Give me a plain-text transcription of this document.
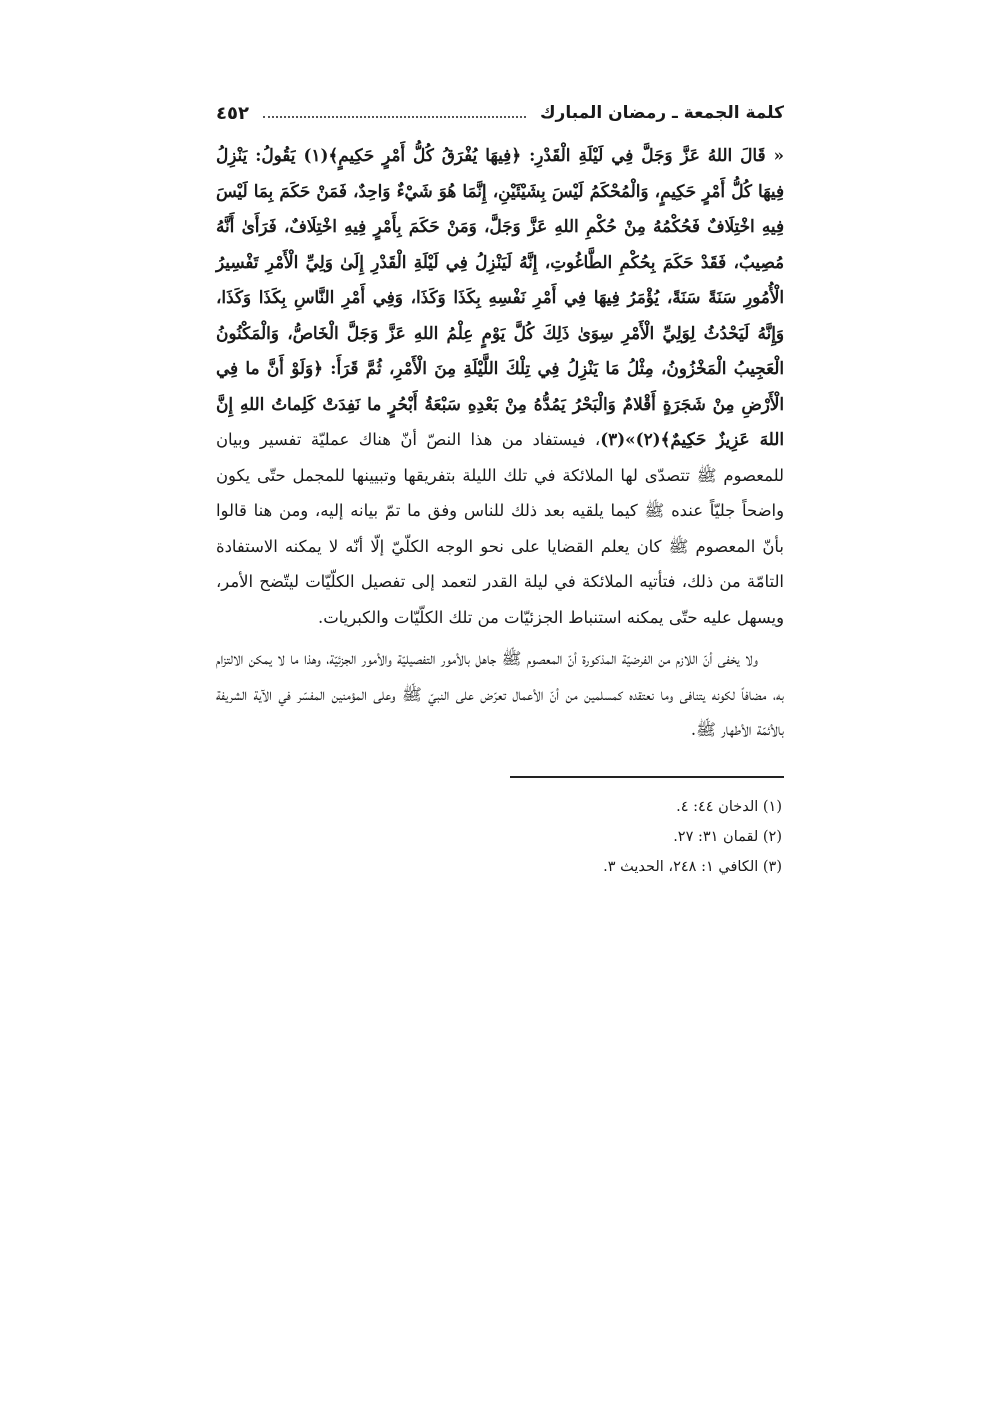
كلمة الجمعة ـ رمضان المبارك
٤٥٢

« قَالَ اللهُ عَزَّ وَجَلَّ فِي لَيْلَةِ الْقَدْرِ: ﴿فِيهَا يُفْرَقُ كُلُّ أَمْرٍ حَكِيمٍ﴾(١) يَقُولُ: يَنْزِلُ فِيهَا كُلُّ أَمْرٍ حَكِيمٍ، وَالْمُحْكَمُ لَيْسَ بِشَيْئَيْنِ، إِنَّمَا هُوَ شَيْءٌ وَاحِدٌ، فَمَنْ حَكَمَ بِمَا لَيْسَ فِيهِ اخْتِلَافٌ فَحُكْمُهُ مِنْ حُكْمِ اللهِ عَزَّ وَجَلَّ، وَمَنْ حَكَمَ بِأَمْرٍ فِيهِ اخْتِلَافٌ، فَرَأَىٰ أَنَّهُ مُصِيبٌ، فَقَدْ حَكَمَ بِحُكْمِ الطَّاغُوتِ، إِنَّهُ لَيَنْزِلُ فِي لَيْلَةِ الْقَدْرِ إِلَىٰ وَلِيِّ الْأَمْرِ تَفْسِيرُ الْأُمُورِ سَنَةً سَنَةً، يُؤْمَرُ فِيهَا فِي أَمْرِ نَفْسِهِ بِكَذَا وَكَذَا، وَفِي أَمْرِ النَّاسِ بِكَذَا وَكَذَا، وَإِنَّهُ لَيَحْدُثُ لِوَلِيِّ الْأَمْرِ سِوَىٰ ذَلِكَ كُلَّ يَوْمٍ عِلْمُ اللهِ عَزَّ وَجَلَّ الْخَاصُّ، وَالْمَكْنُونُ الْعَجِيبُ الْمَخْزُونُ، مِثْلُ مَا يَنْزِلُ فِي تِلْكَ اللَّيْلَةِ مِنَ الْأَمْرِ، ثُمَّ قَرَأَ: ﴿وَلَوْ أَنَّ ما فِي الْأَرْضِ مِنْ شَجَرَةٍ أَقْلامٌ وَالْبَحْرُ يَمُدُّهُ مِنْ بَعْدِهِ سَبْعَةُ أَبْحُرٍ ما نَفِدَتْ كَلِماتُ اللهِ إِنَّ اللهَ عَزِيزٌ حَكِيمٌ﴾(٢)»(٣)، فيستفاد من هذا النصّ أنّ هناك عمليّة تفسير وبيان للمعصوم ﷺ تتصدّى لها الملائكة في تلك الليلة بتفريقها وتبيينها للمجمل حتّى يكون واضحاً جليّاً عنده ﷺ كيما يلقيه بعد ذلك للناس وفق ما تمّ بيانه إليه، ومن هنا قالوا بأنّ المعصوم ﷺ كان يعلم القضايا على نحو الوجه الكلّيّ إلّا أنّه لا يمكنه الاستفادة التامّة من ذلك، فتأتيه الملائكة في ليلة القدر لتعمد إلى تفصيل الكلّيّات ليتّضح الأمر، ويسهل عليه حتّى يمكنه استنباط الجزئيّات من تلك الكلّيّات والكبريات.

ولا يخفى أنّ اللازم من الفرضيّة المذكورة أنّ المعصوم ﷺ جاهل بالأمور التفصيليّة والأمور الجزئيّة، وهذا ما لا يمكن الالتزام به، مضافاً لكونه يتنافى وما نعتقده كمسلمين من أنّ الأعمال تعرّض على النبيّ ﷺ وعلى المؤمنين المفسّر في الآية الشريفة بالأئمّة الأطهار ﷺ.

(١) الدخان ٤٤: ٤.

(٢) لقمان ٣١: ٢٧.

(٣) الكافي ١: ٢٤٨، الحديث ٣.
